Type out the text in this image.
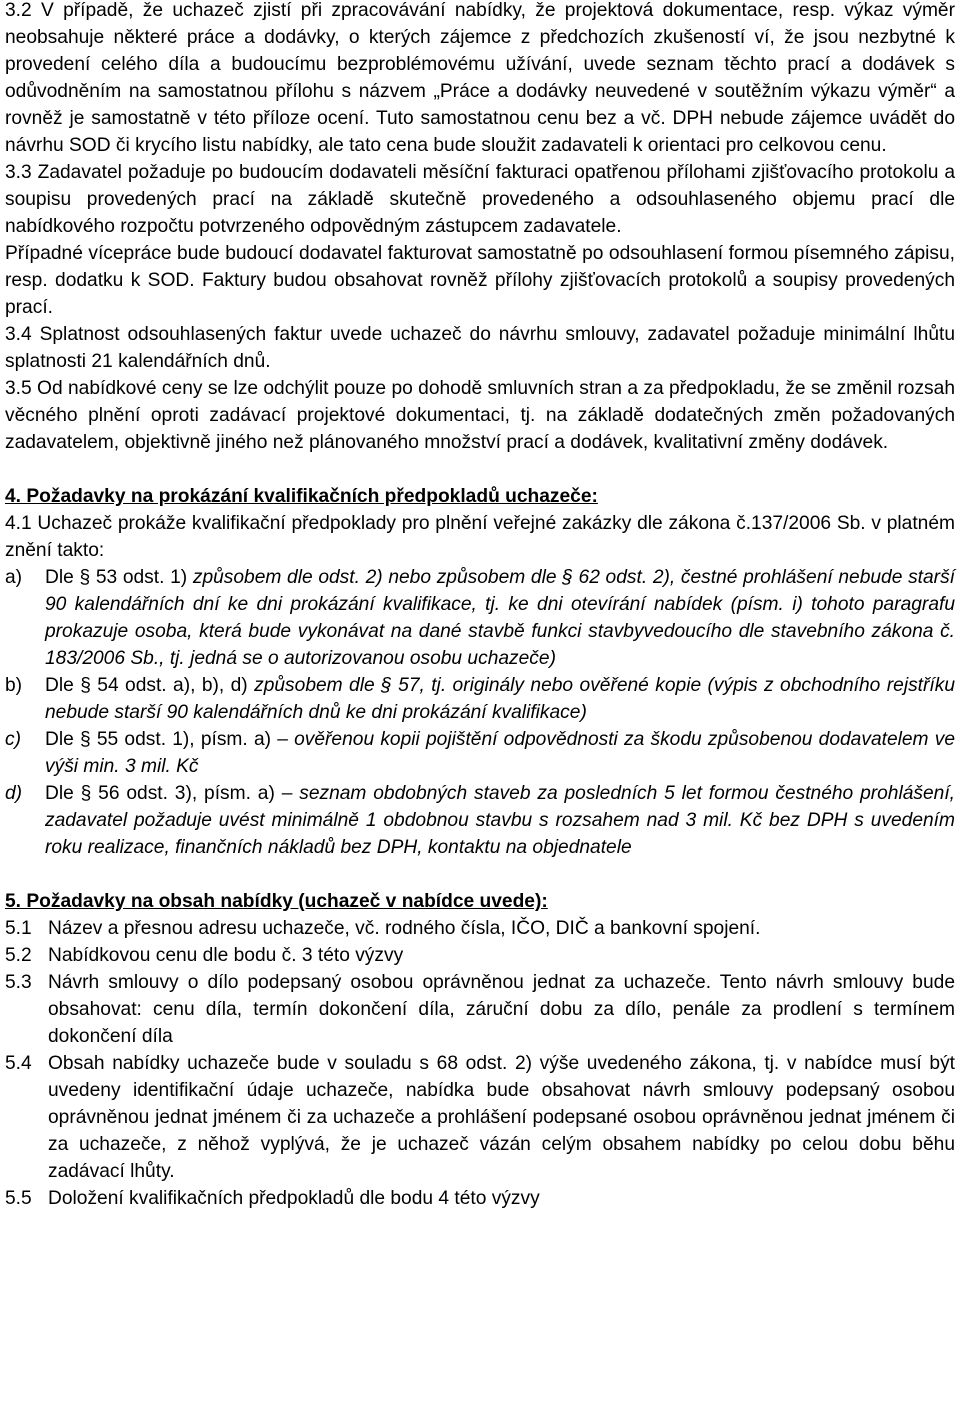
3.2 V případě, že uchazeč zjistí při zpracovávání nabídky, že projektová dokumentace, resp. výkaz výměr neobsahuje některé práce a dodávky, o kterých zájemce z předchozích zkušeností ví, že jsou nezbytné k provedení celého díla a budoucímu bezproblémovému užívání, uvede seznam těchto prací a dodávek s odůvodněním na samostatnou přílohu s názvem „Práce a dodávky neuvedené v soutěžním výkazu výměr“ a rovněž je samostatně v této příloze ocení. Tuto samostatnou cenu bez a vč. DPH nebude zájemce uvádět do návrhu SOD či krycího listu nabídky, ale tato cena bude sloužit zadavateli k orientaci pro celkovou cenu.

3.3 Zadavatel požaduje po budoucím dodavateli měsíční fakturaci opatřenou přílohami zjišťovacího protokolu a soupisu provedených prací na základě skutečně provedeného a odsouhlaseného objemu prací dle nabídkového rozpočtu potvrzeného odpovědným zástupcem zadavatele.

Případné vícepráce bude budoucí dodavatel fakturovat samostatně po odsouhlasení formou písemného zápisu, resp. dodatku k SOD. Faktury budou obsahovat rovněž přílohy zjišťovacích protokolů a soupisy provedených prací.

3.4 Splatnost odsouhlasených faktur uvede uchazeč do návrhu smlouvy, zadavatel požaduje minimální lhůtu splatnosti 21 kalendářních dnů.

3.5 Od nabídkové ceny se lze odchýlit pouze po dohodě smluvních stran a za předpokladu, že se změnil rozsah věcného plnění oproti zadávací projektové dokumentaci, tj. na základě dodatečných změn požadovaných zadavatelem, objektivně jiného než plánovaného množství prací a dodávek, kvalitativní změny dodávek.

4. Požadavky na prokázání kvalifikačních předpokladů uchazeče:

4.1 Uchazeč prokáže kvalifikační předpoklady pro plnění veřejné zakázky dle zákona č.137/2006 Sb. v platném znění takto:

a)	Dle § 53 odst. 1) způsobem dle odst. 2) nebo způsobem dle § 62 odst. 2), čestné prohlášení nebude starší 90 kalendářních dní ke dni prokázání kvalifikace, tj. ke dni otevírání nabídek (písm. i) tohoto paragrafu prokazuje osoba, která bude vykonávat na dané stavbě funkci stavbyvedoucího dle stavebního zákona č. 183/2006 Sb., tj. jedná se o autorizovanou osobu uchazeče)
b)	Dle § 54 odst. a), b), d) způsobem dle § 57, tj. originály nebo ověřené kopie (výpis z obchodního rejstříku nebude starší 90 kalendářních dnů ke dni prokázání kvalifikace)
c)	Dle § 55 odst. 1), písm. a) – ověřenou kopii pojištění odpovědnosti za škodu způsobenou dodavatelem ve výši min. 3 mil. Kč
d)	Dle § 56 odst. 3), písm. a) – seznam obdobných staveb za posledních 5 let formou čestného prohlášení, zadavatel požaduje uvést minimálně 1 obdobnou stavbu s rozsahem nad 3 mil. Kč bez DPH s uvedením roku realizace, finančních nákladů bez DPH, kontaktu na objednatele

5. Požadavky na obsah nabídky (uchazeč v nabídce uvede):

5.1 Název a přesnou adresu uchazeče, vč. rodného čísla, IČO, DIČ a bankovní spojení.
5.2 Nabídkovou cenu dle bodu č. 3 této výzvy
5.3 Návrh smlouvy o dílo podepsaný osobou oprávněnou jednat za uchazeče. Tento návrh smlouvy bude obsahovat: cenu díla, termín dokončení díla, záruční dobu za dílo, penále za prodlení s termínem dokončení díla
5.4 Obsah nabídky uchazeče bude v souladu s 68 odst. 2) výše uvedeného zákona, tj. v nabídce musí být uvedeny identifikační údaje uchazeče, nabídka bude obsahovat návrh smlouvy podepsaný osobou oprávněnou jednat jménem či za uchazeče a prohlášení podepsané osobou oprávněnou jednat jménem či za uchazeče, z něhož vyplývá, že je uchazeč vázán celým obsahem nabídky po celou dobu běhu zadávací lhůty.
5.5 Doložení kvalifikačních předpokladů dle bodu 4 této výzvy
